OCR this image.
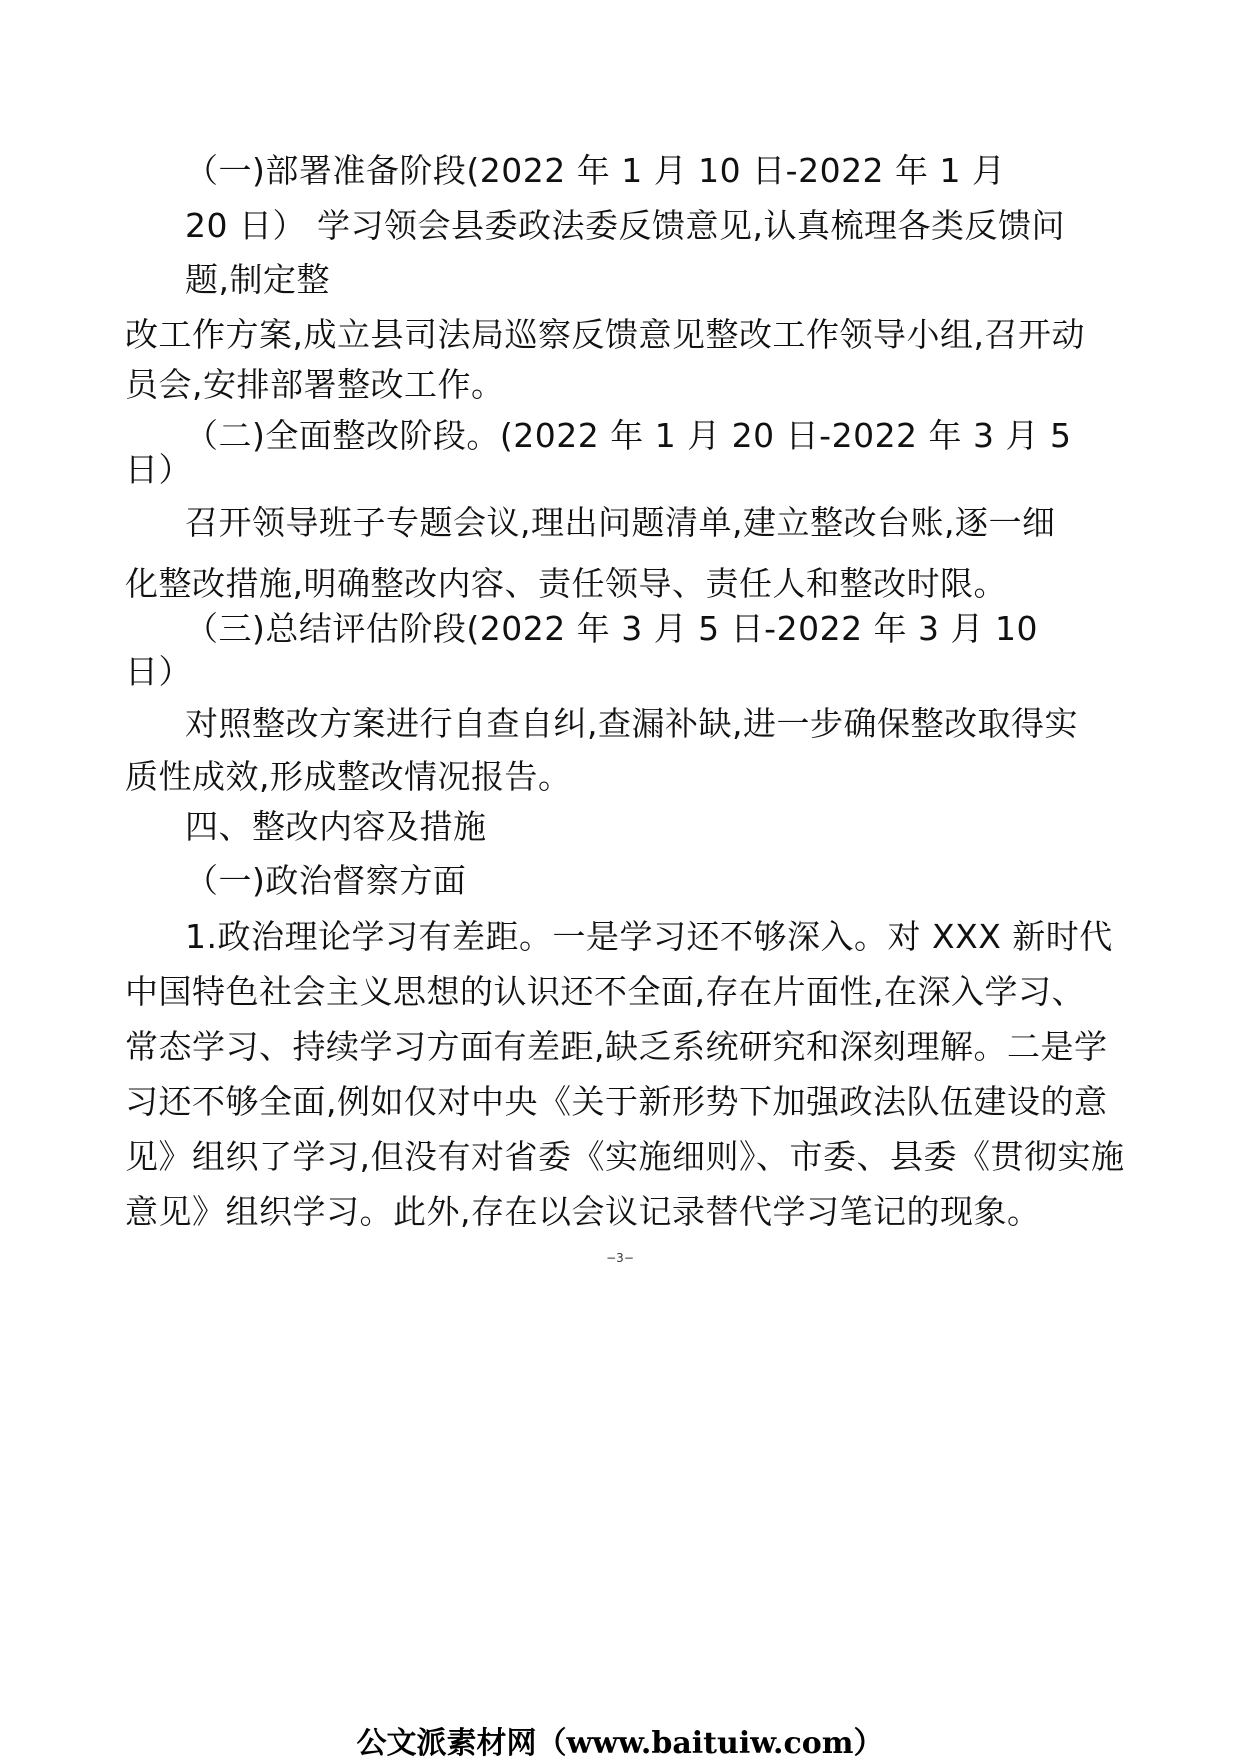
（一)部署准备阶段(2022 年 1 月 10 日-2022 年 1 月
20 日） 学习领会县委政法委反馈意见,认真梳理各类反馈问
题,制定整
改工作方案,成立县司法局巡察反馈意见整改工作领导小组,召开动
员会,安排部署整改工作。
（二)全面整改阶段。(2022 年 1 月 20 日-2022 年 3 月 5
日）
召开领导班子专题会议,理出问题清单,建立整改台账,逐一细
化整改措施,明确整改内容、责任领导、责任人和整改时限。
（三)总结评估阶段(2022 年 3 月 5 日-2022 年 3 月 10
日）
对照整改方案进行自查自纠,查漏补缺,进一步确保整改取得实
质性成效,形成整改情况报告。
四、整改内容及措施
（一)政治督察方面
1.政治理论学习有差距。一是学习还不够深入。对 XXX 新时代
中国特色社会主义思想的认识还不全面,存在片面性,在深入学习、
常态学习、持续学习方面有差距,缺乏系统研究和深刻理解。二是学
习还不够全面,例如仅对中央《关于新形势下加强政法队伍建设的意
见》组织了学习,但没有对省委《实施细则》、市委、县委《贯彻实施
意见》组织学习。此外,存在以会议记录替代学习笔记的现象。
−3−
公文派素材网（www.baituiw.com）
